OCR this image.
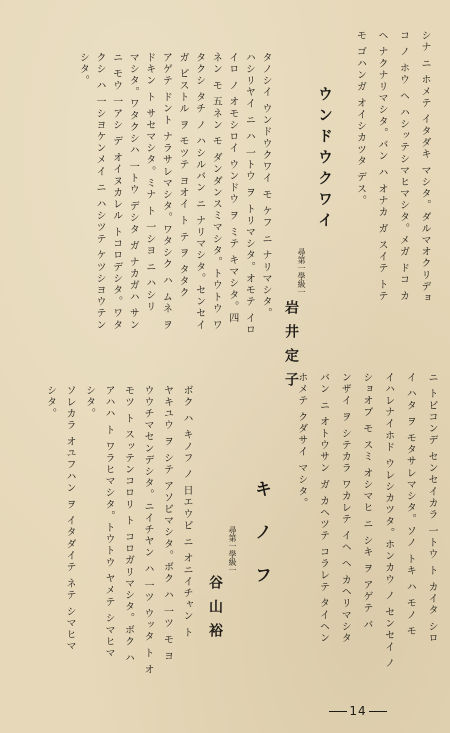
シナ ニ ホメテ イタダキ マシタ。ダルマオクリデョ
コ ノ ホウ ヘ ハシッテシマヒマシタ。メガ ドコ カ
ヘ ナクナリマシタ。バン ハ オナカ ガ スイテ トテ
モ ゴハンガ オイシカツタ デス。
ウンドウクワイ
尋第一學級一
岩井定子
タノシイ ウンドウクワイ モ ケフ ニ ナリマシタ。
ハシリヤイ ニ ハ 一トウ ヲ トリマシタ。オモテ イロ
イロ ノ オモシロイ ウンドウ ヲ ミテ キマシタ。四
ネン モ 五ネン モ ダンダンスミマシタ。トウトウ ワ
タクシ タチ ノ ハシルバン ニ ナリマシタ。センセイ
ガ ピストル ヲ モツテ ヨオイ ト テ ヲ タタク
アゲテ ドント ナラサレマシタ。ワタシク ハ ムネ ヲ
ドキン ト サセマシタ。ミナ ト 一シヨ ニ ハシリ
マシタ。ワタクシハ 一トウ デシタ ガ ナカガハ サン
ニ モウ 一アシ デ オイヌカレル トコロデシタ。ワタ
クシ ハ 一シヨケンメイ ニ ハシツテ ケツシヨウテン
シタ。
ニ トビコンデ センセイカラ 一トウ ト カイタ シロ
イ ハタ ヲ モタサレマシタ。ソノ トキ ハ モノ モ
イハレナイホド ウレシカツタ。ホンカウ ノ センセイ ノ
ショオブ モ スミ オシマヒ ニ シキ ヲ アゲテ バ
ンザイ ヲ シテカラ ワカレテ イヘ ヘ カヘリマシタ
バン ニ オトウサン ガ カヘツテ コラレテ タイヘン
ホメテ クダサイ マシタ。
キノフ
尋第一學級一
谷山裕
ボク ハ キノフ ノ 日エウビ ニ オニイチャン ト
ヤキユウ ヲ シテ アソビマシタ。ボク ハ 一ツ モ ヨ
ウウチマセンデシタ。ニイチヤン ハ 一ツ ウッタ ト オ
モツ ト スッテンコロリ ト コロガリマシタ。ボク ハ
アハハ ト ワラヒマシタ。トウトウ ヤメテ シマヒマ
シタ。
ソレカラ オユフハン ヲ イタダイテ ネテ シマヒマ
シタ。
14
